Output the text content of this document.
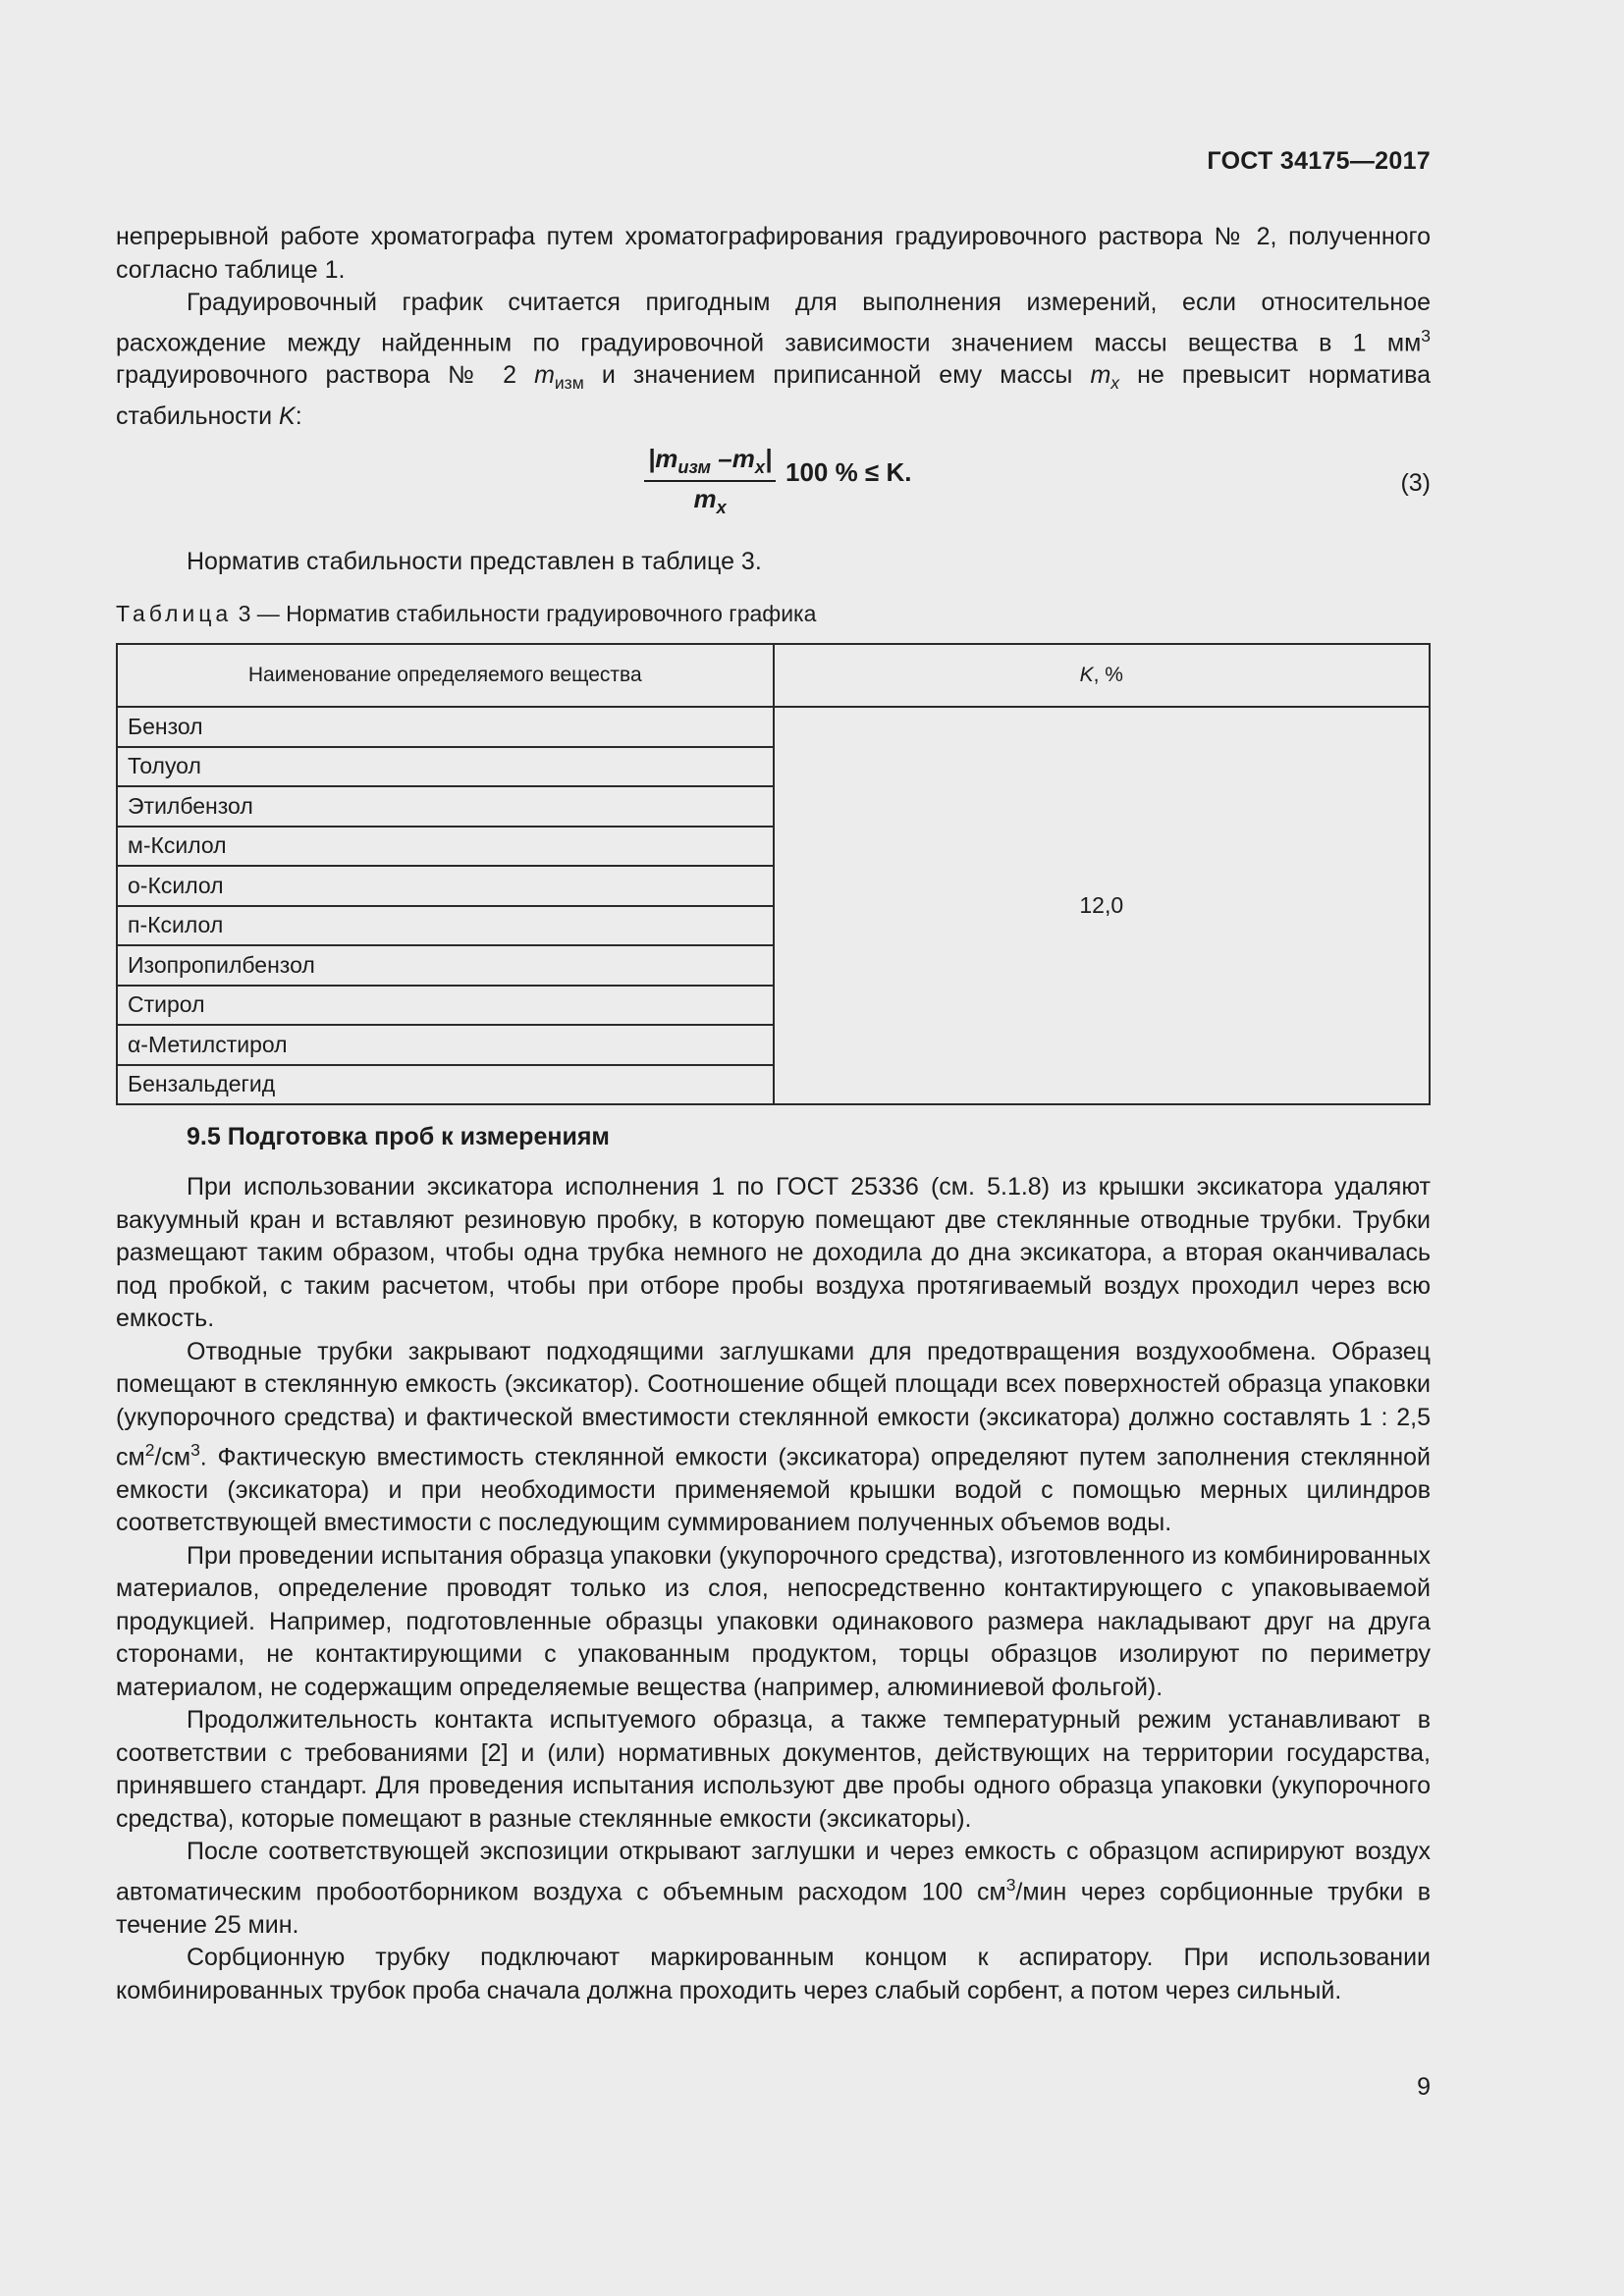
ГОСТ 34175—2017

непрерывной работе хроматографа путем хроматографирования градуировочного раствора № 2, полученного согласно таблице 1.

Градуировочный график считается пригодным для выполнения измерений, если относительное расхождение между найденным по градуировочной зависимости значением массы вещества в 1 $мм^3$ градуировочного раствора № 2 $m_{изм}$ и значением приписанной ему массы $m_x$ не превысит норматива стабильности K:

$|m_{изм}$ $-m_x|$
$m_x$
100 % ≤ K.	(3)

Норматив стабильности представлен в таблице 3.

Таблица 3 — Норматив стабильности градуировочного графика
Наименование определяемого вещества	K, %
Бензол	12,0
Толуол	
Этилбензол	
м-Ксилол	
о-Ксилол	
п-Ксилол	
Изопропилбензол	
Стирол	
α-Метилстирол	
Бензальдегид	
9.5 Подготовка проб к измерениям

При использовании эксикатора исполнения 1 по ГОСТ 25336 (см. 5.1.8) из крышки эксикатора удаляют вакуумный кран и вставляют резиновую пробку, в которую помещают две стеклянные отводные трубки. Трубки размещают таким образом, чтобы одна трубка немного не доходила до дна эксикатора, а вторая оканчивалась под пробкой, с таким расчетом, чтобы при отборе пробы воздуха протягиваемый воздух проходил через всю емкость.

Отводные трубки закрывают подходящими заглушками для предотвращения воздухообмена. Образец помещают в стеклянную емкость (эксикатор). Соотношение общей площади всех поверхностей образца упаковки (укупорочного средства) и фактической вместимости стеклянной емкости (эксикатора) должно составлять 1 : 2,5 $см^2/см^3$. Фактическую вместимость стеклянной емкости (эксикатора) определяют путем заполнения стеклянной емкости (эксикатора) и при необходимости применяемой крышки водой с помощью мерных цилиндров соответствующей вместимости с последующим суммированием полученных объемов воды.

При проведении испытания образца упаковки (укупорочного средства), изготовленного из комбинированных материалов, определение проводят только из слоя, непосредственно контактирующего с упаковываемой продукцией. Например, подготовленные образцы упаковки одинакового размера накладывают друг на друга сторонами, не контактирующими с упакованным продуктом, торцы образцов изолируют по периметру материалом, не содержащим определяемые вещества (например, алюминиевой фольгой).

Продолжительность контакта испытуемого образца, а также температурный режим устанавливают в соответствии с требованиями [2] и (или) нормативных документов, действующих на территории государства, принявшего стандарт. Для проведения испытания используют две пробы одного образца упаковки (укупорочного средства), которые помещают в разные стеклянные емкости (эксикаторы).

После соответствующей экспозиции открывают заглушки и через емкость с образцом аспирируют воздух автоматическим пробоотборником воздуха с объемным расходом 100 $см^3$/мин через сорбционные трубки в течение 25 мин.

Сорбционную трубку подключают маркированным концом к аспиратору. При использовании комбинированных трубок проба сначала должна проходить через слабый сорбент, а потом через сильный.

9
